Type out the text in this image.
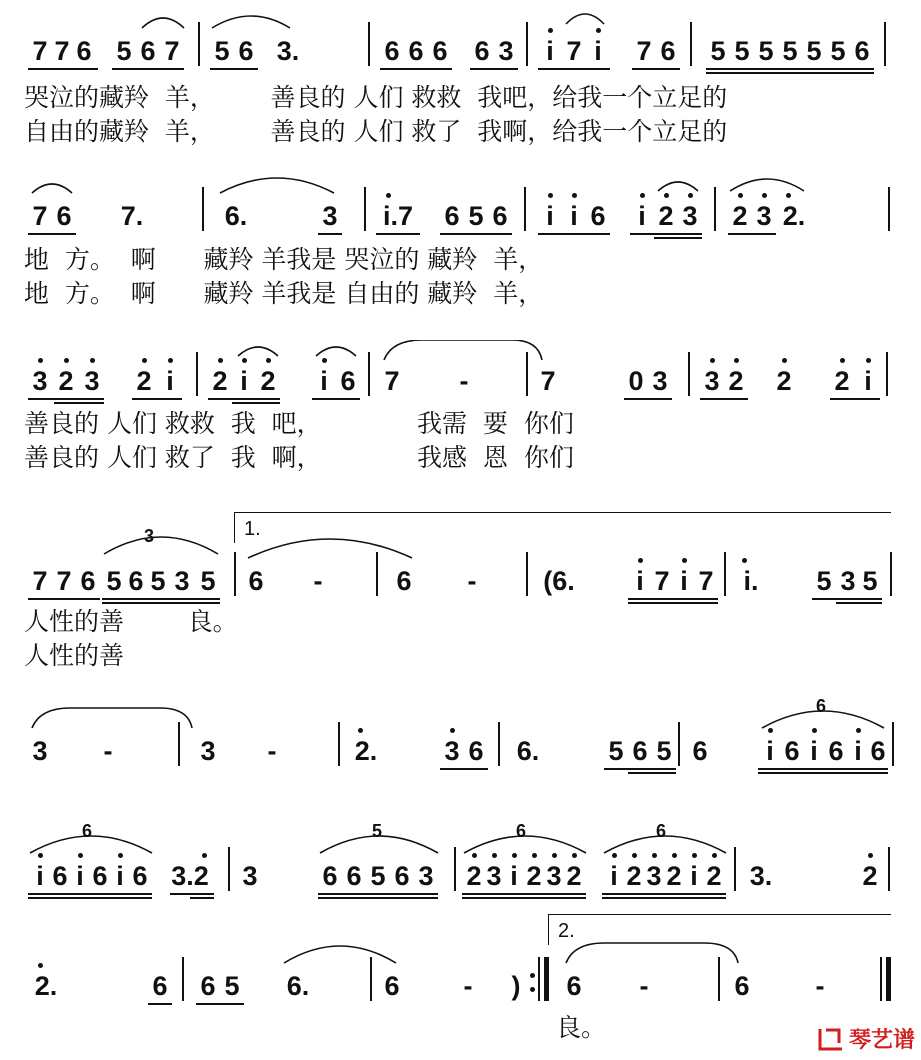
7 7 6 5 6 7 5 6 3.	6 6 6 6 3	i 7 i	7 6 5 5 5 5 5 5 6
哭泣的藏羚  羊，       善良的 人们 救救  我吧，给我一个立足的
自由的藏羚  羊，       善良的 人们 救了  我啊，给我一个立足的
7 6	7.	6.	3 i.7 6 5 6	i i 6	i 2 3 2 3 2.
地  方。  啊      藏羚 羊我是 哭泣的 藏羚  羊，
地  方。  啊      藏羚 羊我是 自由的 藏羚  羊，
3 2 3 2 i	2 i 2	i 6 7 -	7	0 3 3 2 2 2 i
善良的 人们 救救  我  吧，            我需  要  你们
善良的 人们 救了  我  啊，            我感  恩  你们
1.
7 7 6 5 6 5 3 5 6 -	6 - (6.	i 7 i 7	i.	5 3 5
3
人性的善        良。
人性的善
3 -	3 -	2. 3 6 6.	5 6 5 6	i 6 i 6 i 6
6
i 6 i 6 i 6 3.2 3 6 6 5 6 3 2 3 i 2 3 2	i 2 3 2 i 2 3.	2
6	5	6	6
2.
2.	6 6 5 6.	6 - ) 6 -	6 -
良。	琴艺谱
